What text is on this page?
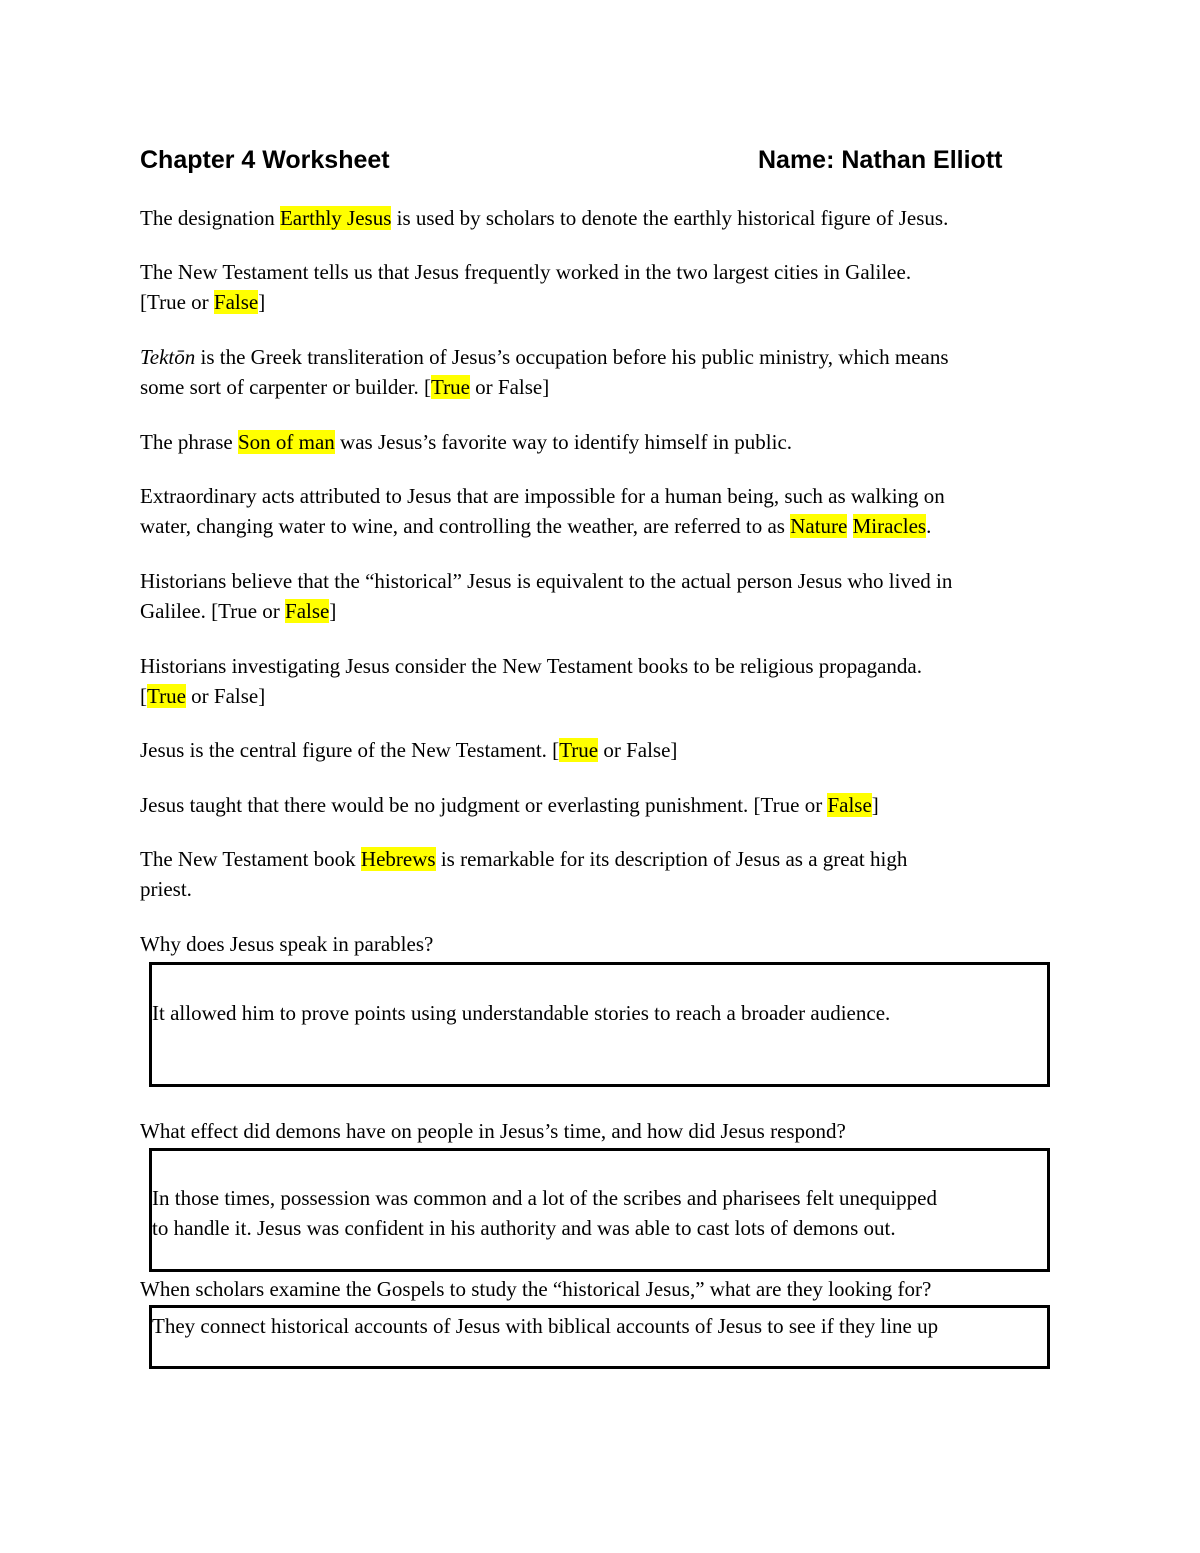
Chapter 4 Worksheet	Name: Nathan Elliott
The designation Earthly Jesus is used by scholars to denote the earthly historical figure of Jesus.
The New Testament tells us that Jesus frequently worked in the two largest cities in Galilee.
[True or False]
Tektōn is the Greek transliteration of Jesus’s occupation before his public ministry, which means
some sort of carpenter or builder. [True or False]
The phrase Son of man was Jesus’s favorite way to identify himself in public.
Extraordinary acts attributed to Jesus that are impossible for a human being, such as walking on
water, changing water to wine, and controlling the weather, are referred to as Nature Miracles.
Historians believe that the “historical” Jesus is equivalent to the actual person Jesus who lived in
Galilee. [True or False]
Historians investigating Jesus consider the New Testament books to be religious propaganda.
[True or False]
Jesus is the central figure of the New Testament. [True or False]
Jesus taught that there would be no judgment or everlasting punishment. [True or False]
The New Testament book Hebrews is remarkable for its description of Jesus as a great high
priest.
Why does Jesus speak in parables?
It allowed him to prove points using understandable stories to reach a broader audience.
What effect did demons have on people in Jesus’s time, and how did Jesus respond?
In those times, possession was common and a lot of the scribes and pharisees felt unequipped
to handle it. Jesus was confident in his authority and was able to cast lots of demons out.
When scholars examine the Gospels to study the “historical Jesus,” what are they looking for?
They connect historical accounts of Jesus with biblical accounts of Jesus to see if they line up
